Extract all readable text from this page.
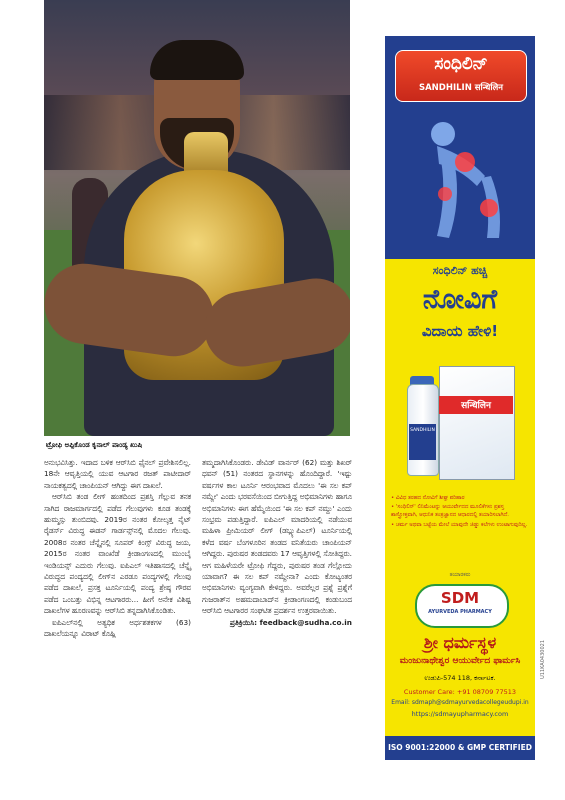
ಟ್ರೋಫಿ ಅಪ್ಪಿಕೊಂಡ ಕೃನಾಲ್ ಪಾಂಡ್ಯ ಖುಷಿ

ಅನುಭವಿಸಿತ್ತು. ಇದಾದ ಬಳಿಕ ಆರ್‌ಸಿಬಿ ಫೈನಲ್ ಪ್ರವೇಶಿಸಲಿಲ್ಲ. 18ನೇ ಆವೃತ್ತಿಯಲ್ಲಿ ಯುವ ಆಟಗಾರ ರಜತ್ ಪಾಟೀದಾರ್ ನಾಯಕತ್ವದಲ್ಲಿ ಚಾಂಪಿಯನ್ ಆಗಿದ್ದು ಈಗ ದಾಖಲೆ.

ಆರ್‌ಸಿಬಿ ತಂಡ ಲೀಗ್ ಹಂತದಿಂದ ಪ್ರಶಸ್ತಿ ಗೆಲ್ಲುವ ತನಕ ಸಾಗಿದ ರಾಜಮಾರ್ಗದಲ್ಲಿ ಪಡೆದ ಗೆಲುವುಗಳು ಕೂಡ ತಂಡಕ್ಕೆ ಹುಮ್ಮಸ್ಸು ತುಂಬಿದವು. 2019ರ ನಂತರ ಕೋಲ್ಕತ್ತ ನೈಟ್ ರೈಡರ್ಸ್ ವಿರುದ್ಧ ಈಡನ್ ಗಾರ್ಡನ್ಸ್‌ನಲ್ಲಿ ಮೊದಲ ಗೆಲುವು. 2008ರ ನಂತರ ಚೆನ್ನೈನಲ್ಲಿ ಸೂಪರ್ ಕಿಂಗ್ಸ್ ವಿರುದ್ಧ ಜಯ, 2015ರ ನಂತರ ವಾಂಖೆಡೆ ಕ್ರೀಡಾಂಗಣದಲ್ಲಿ ಮುಂಬೈ ಇಂಡಿಯನ್ಸ್ ಎದುರು ಗೆಲುವು. ಐಪಿಎಲ್ ಇತಿಹಾಸದಲ್ಲಿ ಚೆನ್ನೈ ವಿರುದ್ಧದ ಪಂದ್ಯದಲ್ಲಿ ಲೀಗ್‌ನ ಎರಡೂ ಪಂದ್ಯಗಳಲ್ಲಿ ಗೆಲುವು ಪಡೆದ ದಾಖಲೆ, ಪ್ರಸಕ್ತ ಟೂರ್ನಿಯಲ್ಲಿ ಪಂದ್ಯ ಶ್ರೇಷ್ಠ ಗೌರವ ಪಡೆದ ಒಂಬತ್ತು ವಿಭಿನ್ನ ಆಟಗಾರರು... ಹೀಗೆ ಅನೇಕ ವಿಶಿಷ್ಟ ದಾಖಲೆಗಳ ಹೂರಣವನ್ನು ಆರ್‌ಸಿಬಿ ತನ್ನದಾಗಿಸಿಕೊಂಡಿತು.

ಐಪಿಎಲ್‌ನಲ್ಲಿ ಅತ್ಯಧಿಕ ಅರ್ಧಶತಕಗಳ (63) ದಾಖಲೆಯನ್ನೂ ವಿರಾಟ್ ಕೊಹ್ಲಿ

ತಮ್ಮದಾಗಿಸಿಕೊಂಡರು. ಡೇವಿಡ್ ವಾರ್ನರ್ (62) ಮತ್ತು ಶಿಖರ್ ಧವನ್ (51) ನಂತರದ ಸ್ಥಾನಗಳನ್ನು ಹೊಂದಿದ್ದಾರೆ. 'ಇಷ್ಟು ವರ್ಷಗಳ ಕಾಲ ಟೂರ್ನಿ ಆರಂಭವಾದ ಮೊದಲು 'ಈ ಸಲ ಕಪ್ ನಮ್ದೇ' ಎಂದು ಭರವಸೆಯಿಂದ ಬೀಗುತ್ತಿದ್ದ ಅಭಿಮಾನಿಗಳು ಹಾಗೂ ಅಭಿಮಾನಿಗಳು ಈಗ ಹೆಮ್ಮೆಯಿಂದ 'ಈ ಸಲ ಕಪ್ ನಮ್ದು' ಎಂದು ಸಂಭ್ರಮ ಪಡುತ್ತಿದ್ದಾರೆ. ಐಪಿಎಲ್ ಮಾದರಿಯಲ್ಲಿ ನಡೆಯುವ ಮಹಿಳಾ ಪ್ರೀಮಿಯರ್ ಲೀಗ್ (ಡಬ್ಲ್ಯುಪಿಎಲ್) ಟೂರ್ನಿಯಲ್ಲಿ ಕಳೆದ ವರ್ಷ ಬೆಂಗಳೂರಿನ ತಂಡದ ವನಿತೆಯರು ಚಾಂಪಿಯನ್ ಆಗಿದ್ದರು. ಪುರುಷರ ತಂಡದವರು 17 ಆವೃತ್ತಿಗಳಲ್ಲಿ ಸೋತಿದ್ದರು. ಆಗ ಮಹಿಳೆಯರೇ ಟ್ರೋಫಿ ಗೆದ್ದರು, ಪುರುಷರ ತಂಡ ಗೆಲ್ಲೋದು ಯಾವಾಗ? ಈ ಸಲ ಕಪ್ ನಮ್ದೇನಾ? ಎಂದು ಕೋಟ್ಯಂತರ ಅಭಿಮಾನಿಗಳು ವ್ಯಂಗ್ಯವಾಗಿ ಕೇಳಿದ್ದರು. ಅವರೆಲ್ಲರ ಪ್ರಶ್ನೆ ಪ್ರಶ್ನೆಗೆ ಗುಜರಾತ್‌ನ ಅಹಮದಾಬಾದ್‌ನ ಕ್ರೀಡಾಂಗಣದಲ್ಲಿ ಕಂಡುಬಂದ ಆರ್‌ಸಿಬಿ ಆಟಗಾರರ ಸಂಘಟಿತ ಪ್ರದರ್ಶನ ಉತ್ತರವಾಯಿತು.

ಪ್ರತಿಕ್ರಿಯಿಸಿ: feedback@sudha.co.in

ಸಂಧಿಲಿನ್
SANDHILIN सन्धिलिन
ಸಂಧಿಲಿನ್ ಹಚ್ಚಿ
ನೋವಿಗೆ
ವಿದಾಯ ಹೇಳಿ!
SANDHILIN
सन्धिलिन
• ವಿವಿಧ ತರಹದ ನೋವಿಗೆ ಶೀಘ್ರ ಪರಿಹಾರ
• 'ಸಂಧಿಲಿನ್' ಲಿನಿಮೆಂಟನ್ನು ಆಯುರ್ವೇದದ ಮೂಲಿಕೆಗಳು ಪ್ರಶಸ್ತ ಶಾಸ್ತ್ರೋಕ್ತವಾಗಿ, ಆಧುನಿಕ ತಂತ್ರಜ್ಞಾನದ ಆಧಾರದಲ್ಲಿ ತಯಾರಿಸಲಾಗಿದೆ.
• ಚರ್ಮ ಅಥವಾ ಬಟ್ಟೆಯ ಮೇಲೆ ಯಾವುದೇ ಜಿಡ್ಡು ಕಲೆಗಳು ಉಂಟಾಗುವುದಿಲ್ಲ.
ತಯಾರಕರು
SDM
AYURVEDA PHARMACY
ಶ್ರೀ ಧರ್ಮಸ್ಥಳ
ಮಂಜುನಾಥೇಶ್ವರ ಆಯುರ್ವೇದ ಫಾರ್ಮಸಿ
ಉಡುಪಿ-574 118, ಕರ್ನಾಟಕ.
Customer Care: +91 08709 77513
Email: sdmaph@sdmayurvedacollegeudupi.in
https://sdmayupharmacy.com
ISO 9001:22000 & GMP CERTIFIED
U11KA0430021
